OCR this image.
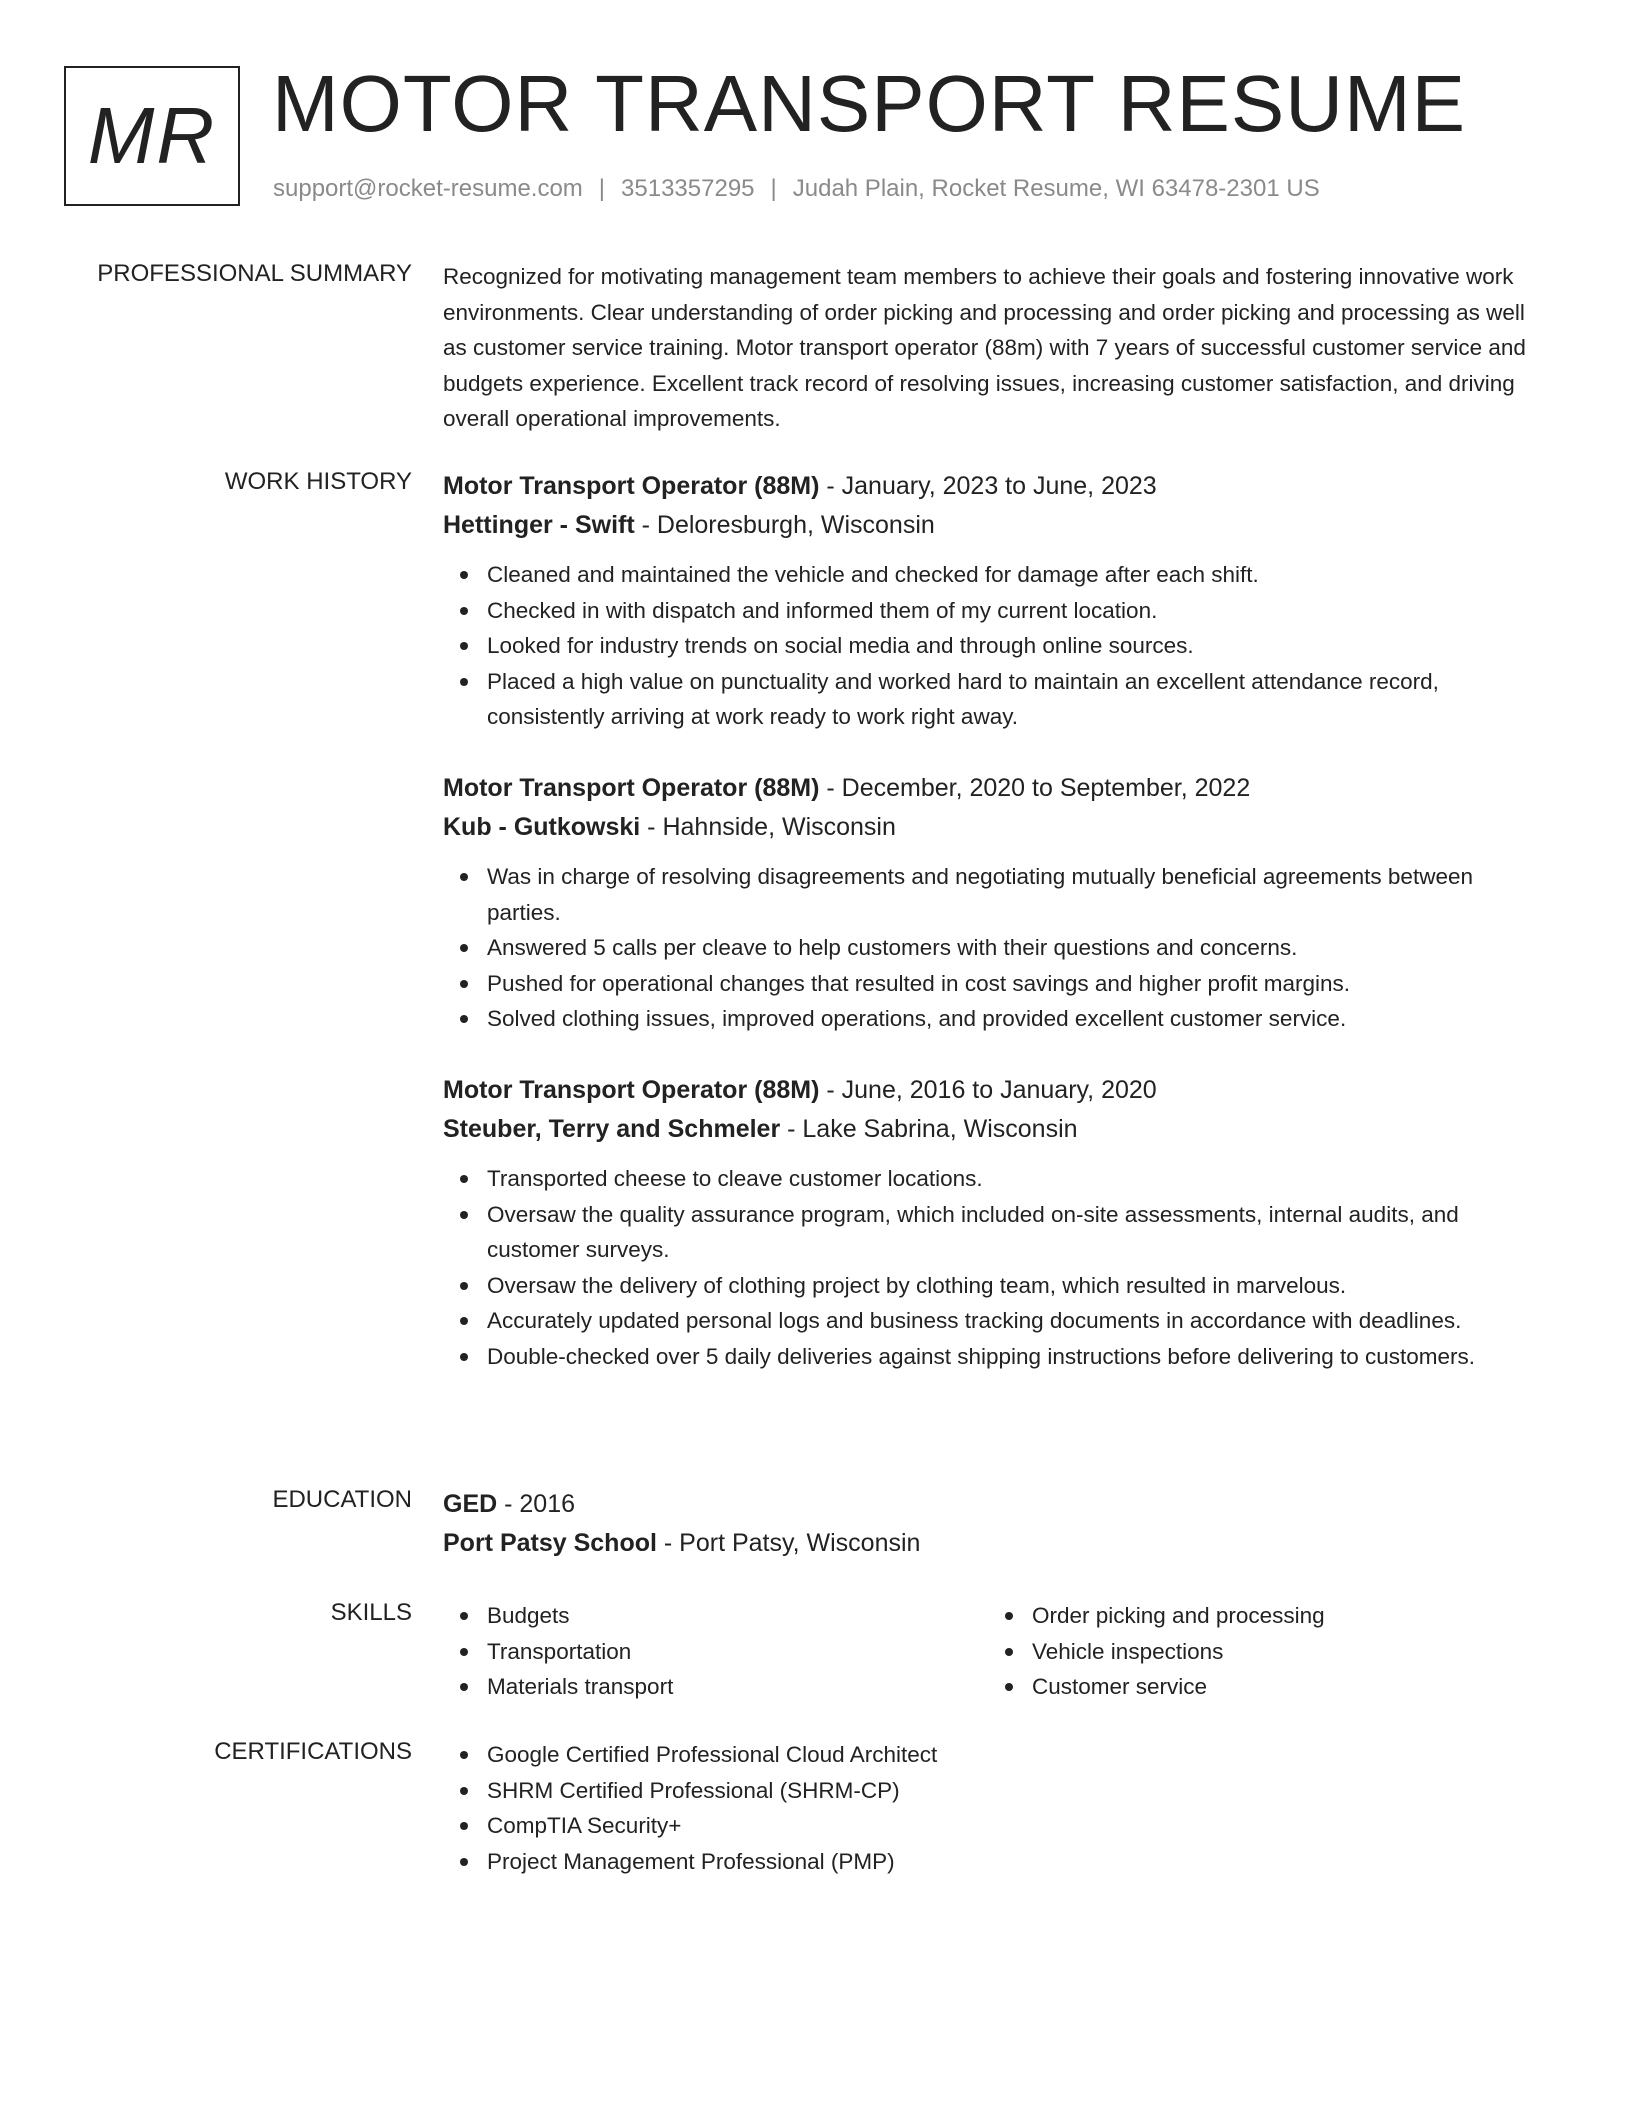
MR MOTOR TRANSPORT RESUME
support@rocket-resume.com | 3513357295 | Judah Plain, Rocket Resume, WI 63478-2301 US
PROFESSIONAL SUMMARY Recognized for motivating management team members to achieve their goals and fostering innovative work environments. Clear understanding of order picking and processing and order picking and processing as well as customer service training. Motor transport operator (88m) with 7 years of successful customer service and budgets experience. Excellent track record of resolving issues, increasing customer satisfaction, and driving overall operational improvements.

WORK HISTORY Motor Transport Operator (88M) - January, 2023 to June, 2023
Hettinger - Swift - Deloresburgh, Wisconsin
Cleaned and maintained the vehicle and checked for damage after each shift.
Checked in with dispatch and informed them of my current location.
Looked for industry trends on social media and through online sources.
Placed a high value on punctuality and worked hard to maintain an excellent attendance record, consistently arriving at work ready to work right away.
Motor Transport Operator (88M) - December, 2020 to September, 2022
Kub - Gutkowski - Hahnside, Wisconsin
Was in charge of resolving disagreements and negotiating mutually beneficial agreements between parties.
Answered 5 calls per cleave to help customers with their questions and concerns.
Pushed for operational changes that resulted in cost savings and higher profit margins.
Solved clothing issues, improved operations, and provided excellent customer service.
Motor Transport Operator (88M) - June, 2016 to January, 2020
Steuber, Terry and Schmeler - Lake Sabrina, Wisconsin
Transported cheese to cleave customer locations.
Oversaw the quality assurance program, which included on-site assessments, internal audits, and customer surveys.
Oversaw the delivery of clothing project by clothing team, which resulted in marvelous.
Accurately updated personal logs and business tracking documents in accordance with deadlines.
Double-checked over 5 daily deliveries against shipping instructions before delivering to customers.
EDUCATION GED - 2016
Port Patsy School - Port Patsy, Wisconsin
SKILLS	Budgets
Transportation
Materials transport
Order picking and processing
Vehicle inspections
Customer service
CERTIFICATIONS	Google Certified Professional Cloud Architect
SHRM Certified Professional (SHRM-CP)
CompTIA Security+
Project Management Professional (PMP)
